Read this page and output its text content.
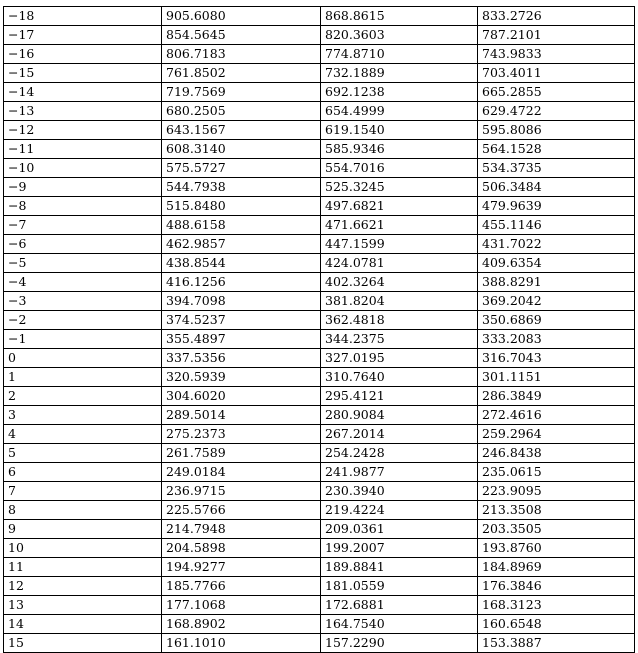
−18	905.6080	868.8615	833.2726
−17	854.5645	820.3603	787.2101
−16	806.7183	774.8710	743.9833
−15	761.8502	732.1889	703.4011
−14	719.7569	692.1238	665.2855
−13	680.2505	654.4999	629.4722
−12	643.1567	619.1540	595.8086
−11	608.3140	585.9346	564.1528
−10	575.5727	554.7016	534.3735
−9	544.7938	525.3245	506.3484
−8	515.8480	497.6821	479.9639
−7	488.6158	471.6621	455.1146
−6	462.9857	447.1599	431.7022
−5	438.8544	424.0781	409.6354
−4	416.1256	402.3264	388.8291
−3	394.7098	381.8204	369.2042
−2	374.5237	362.4818	350.6869
−1	355.4897	344.2375	333.2083
0	337.5356	327.0195	316.7043
1	320.5939	310.7640	301.1151
2	304.6020	295.4121	286.3849
3	289.5014	280.9084	272.4616
4	275.2373	267.2014	259.2964
5	261.7589	254.2428	246.8438
6	249.0184	241.9877	235.0615
7	236.9715	230.3940	223.9095
8	225.5766	219.4224	213.3508
9	214.7948	209.0361	203.3505
10	204.5898	199.2007	193.8760
11	194.9277	189.8841	184.8969
12	185.7766	181.0559	176.3846
13	177.1068	172.6881	168.3123
14	168.8902	164.7540	160.6548
15	161.1010	157.2290	153.3887
